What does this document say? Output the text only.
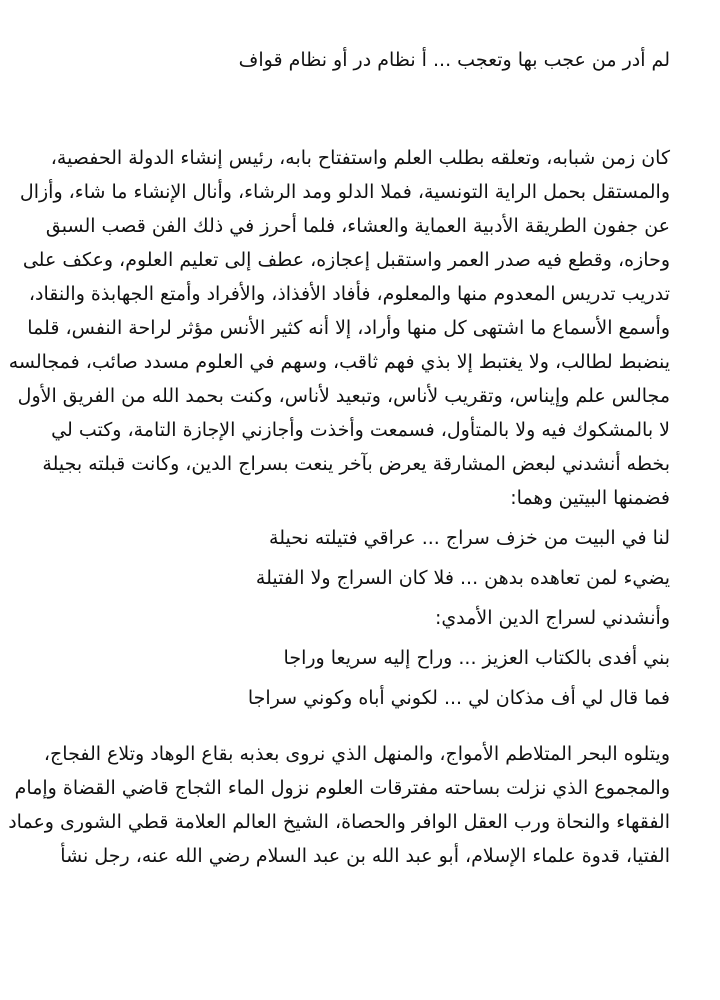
لم أدر من عجب بها وتعجب ... أ نظام در أو نظام قواف
كان زمن شبابه، وتعلقه بطلب العلم واستفتاح بابه، رئيس إنشاء الدولة الحفصية،
والمستقل بحمل الراية التونسية، فملا الدلو ومد الرشاء، وأنال الإنشاء ما شاء، وأزال
عن جفون الطريقة الأدبية العماية والعشاء، فلما أحرز في ذلك الفن قصب السبق
وحازه، وقطع فيه صدر العمر واستقبل إعجازه، عطف إلى تعليم العلوم، وعكف على
تدريب تدريس المعدوم منها والمعلوم، فأفاد الأفذاذ، والأفراد وأمتع الجهابذة والنقاد،
وأسمع الأسماع ما اشتهى كل منها وأراد، إلا أنه كثير الأنس مؤثر لراحة النفس، قلما
ينضبط لطالب، ولا يغتبط إلا بذي فهم ثاقب، وسهم في العلوم مسدد صائب، فمجالسه
مجالس علم وإيناس، وتقريب لأناس، وتبعيد لأناس، وكنت بحمد الله من الفريق الأول
لا بالمشكوك فيه ولا بالمتأول، فسمعت وأخذت وأجازني الإجازة التامة، وكتب لي
بخطه أنشدني لبعض المشارقة يعرض بآخر ينعت بسراج الدين، وكانت قبلته بجيلة
فضمنها البيتين وهما:
لنا في البيت من خزف سراج ... عراقي فتيلته نحيلة
يضيء لمن تعاهده بدهن ... فلا كان السراج ولا الفتيلة
وأنشدني لسراج الدين الأمدي:
بني أفدى بالكتاب العزيز ... وراح إليه سريعا وراجا
فما قال لي أف مذكان لي ... لكوني أباه وكوني سراجا
ويتلوه البحر المتلاطم الأمواج، والمنهل الذي نروى بعذبه بقاع الوهاد وتلاع الفجاج،
والمجموع الذي نزلت بساحته مفترقات العلوم نزول الماء الثجاج قاضي القضاة وإمام
الفقهاء والنحاة ورب العقل الوافر والحصاة، الشيخ العالم العلامة قطي الشورى وعماد
الفتيا، قدوة علماء الإسلام، أبو عبد الله بن عبد السلام رضي الله عنه، رجل نشأ
